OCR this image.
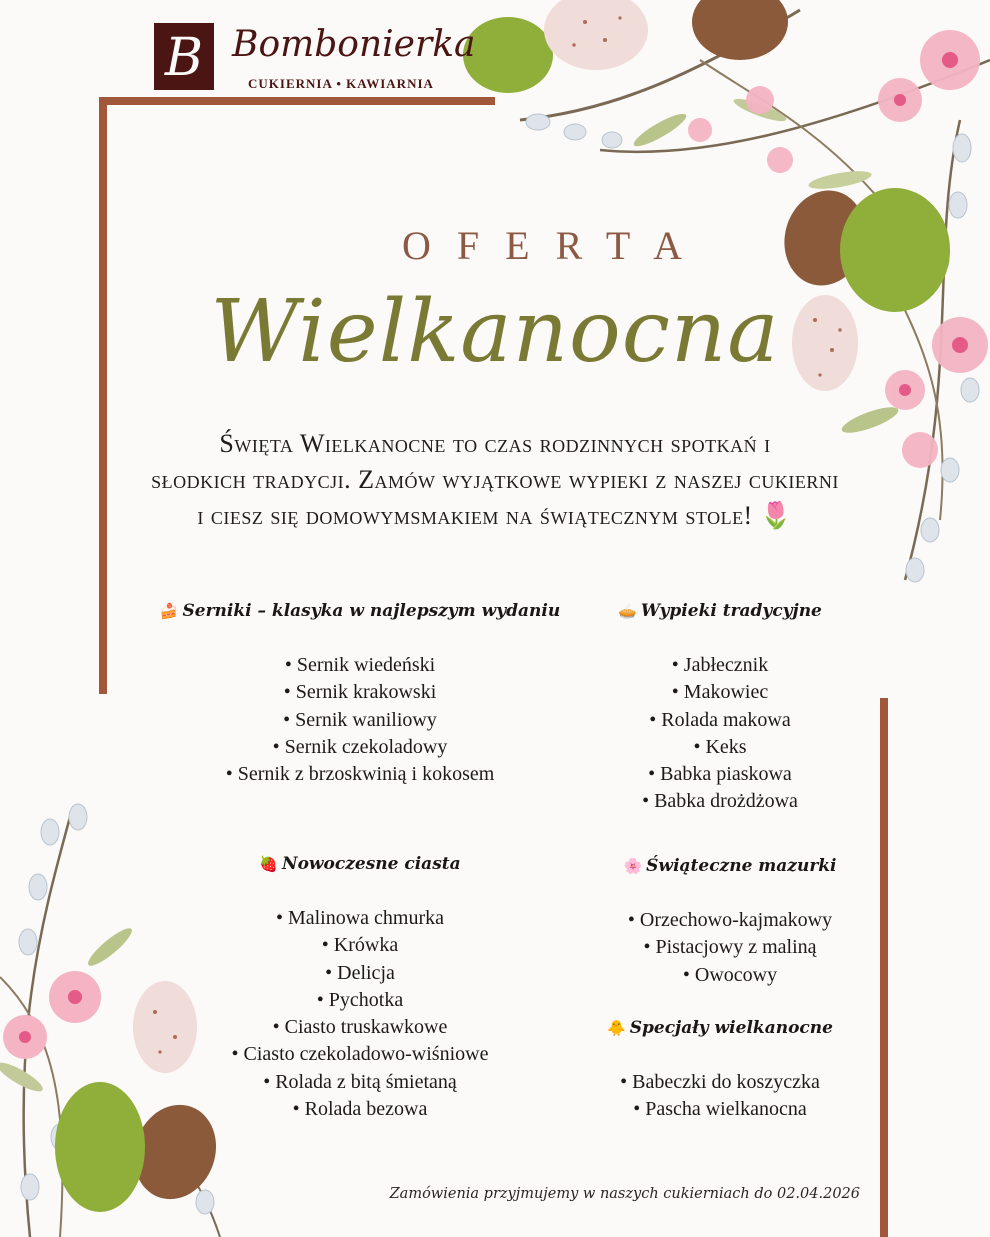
B Bombonierka
CUKIERNIA • KAWIARNIA
OFERTA
Wielkanocna
Święta Wielkanocne to czas rodzinnych spotkań i
słodkich tradycji. Zamów wyjątkowe wypieki z naszej cukierni
i ciesz się domowymsmakiem na świątecznym stole! 🌷
🍰 Serniki – klasyka w najlepszym wydaniu
• Sernik wiedeński
• Sernik krakowski
• Sernik waniliowy
• Sernik czekoladowy
• Sernik z brzoskwinią i kokosem
🥧 Wypieki tradycyjne
• Jabłecznik
• Makowiec
• Rolada makowa
• Keks
• Babka piaskowa
• Babka drożdżowa
🍓 Nowoczesne ciasta
• Malinowa chmurka
• Krówka
• Delicja
• Pychotka
• Ciasto truskawkowe
• Ciasto czekoladowo-wiśniowe
• Rolada z bitą śmietaną
• Rolada bezowa
🌸 Świąteczne mazurki
• Orzechowo-kajmakowy
• Pistacjowy z maliną
• Owocowy
🐥 Specjały wielkanocne
• Babeczki do koszyczka
• Pascha wielkanocna
Zamówienia przyjmujemy w naszych cukierniach do 02.04.2026
